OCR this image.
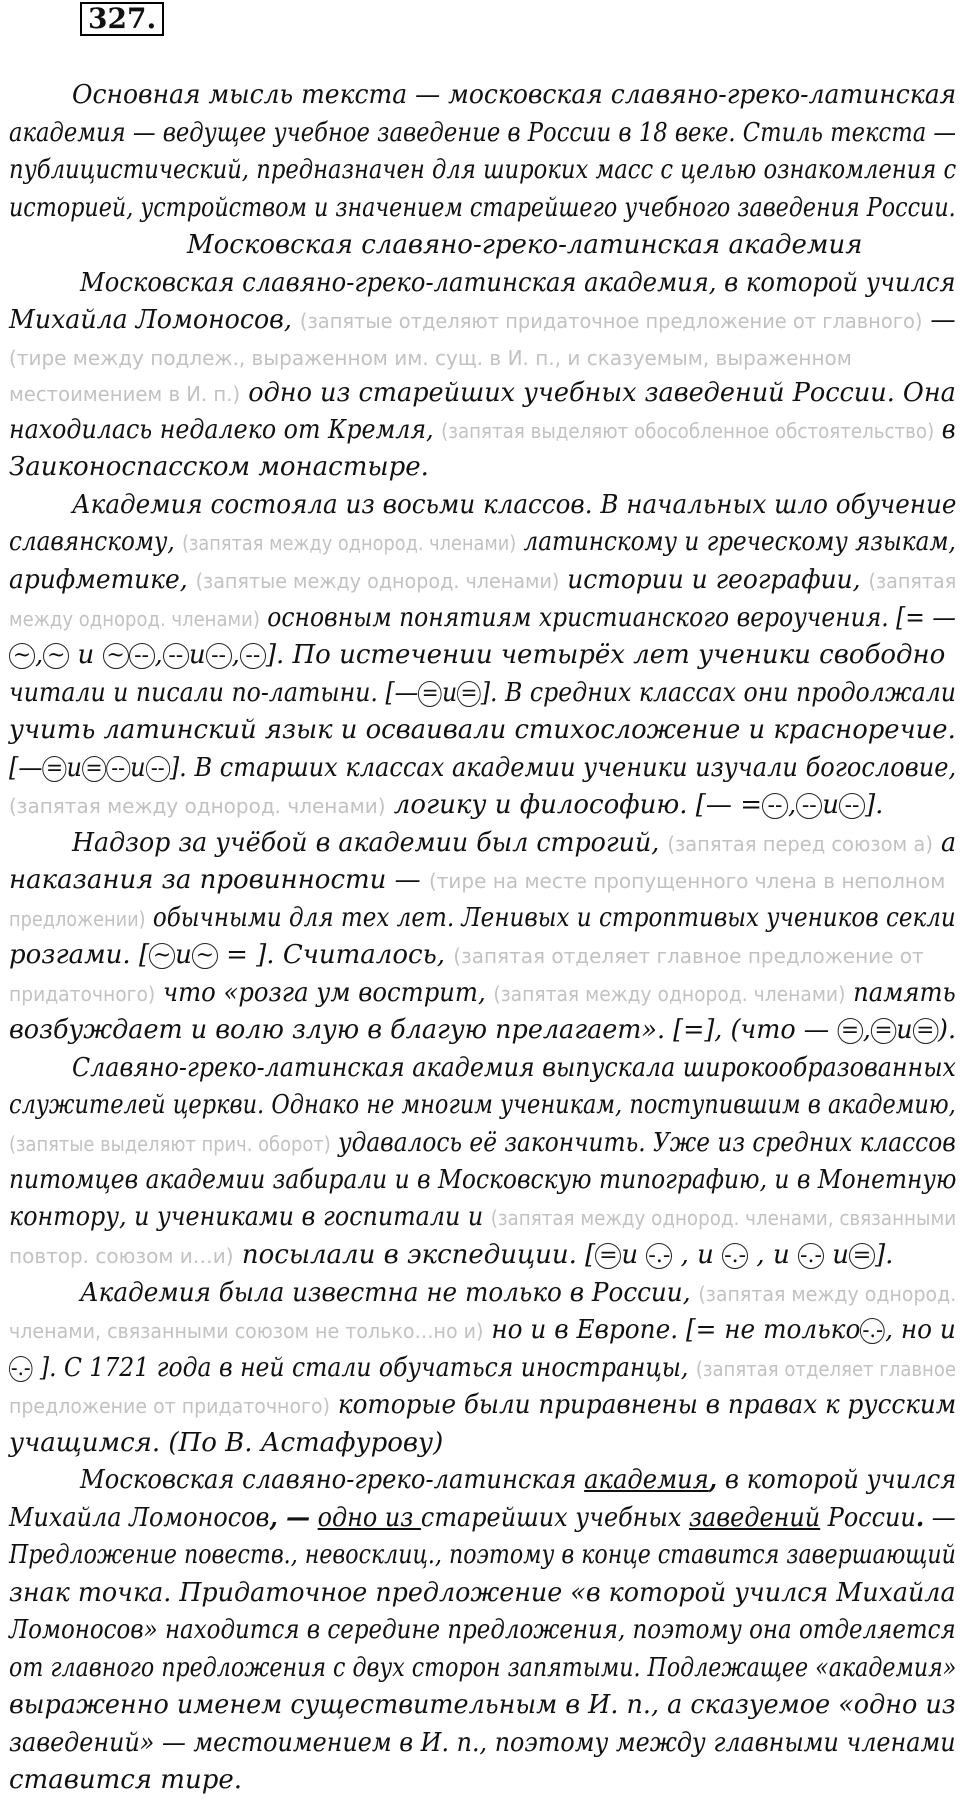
327.
Основная мысль текста — московская славяно-греко-латинская
академия — ведущее учебное заведение в России в 18 веке. Стиль текста —
публицистический, предназначен для широких масс с целью ознакомления с
историей, устройством и значением старейшего учебного заведения России.
Московская славяно-греко-латинская академия
Московская славяно-греко-латинская академия, в которой учился
Михайла Ломоносов, (запятые отделяют придаточное предложение от главного) —
(тире между подлеж., выраженном им. сущ. в И. п., и сказуемым, выраженном
местоимением в И. п.) одно из старейших учебных заведений России. Она
находилась недалеко от Кремля, (запятая выделяют обособленное обстоятельство) в
Заиконоспасском монастыре.
Академия состояла из восьми классов. В начальных шло обучение
славянскому, (запятая между однород. членами) латинскому и греческому языкам,
арифметике, (запятые между однород. членами) истории и географии, (запятая
между однород. членами) основным понятиям христианского вероучения. [= —
~ , ~ и ~ -- , -- и -- , -- ]. По истечении четырёх лет ученики свободно
читали и писали по-латыни. [— = и = ]. В средних классах они продолжали
учить латинский язык и осваивали стихосложение и красноречие.
[— = и = -- и -- ]. В старших классах академии ученики изучали богословие,
(запятая между однород. членами) логику и философию. [— = -- , -- и -- ].
Надзор за учёбой в академии был строгий, (запятая перед союзом а) а
наказания за провинности — (тире на месте пропущенного члена в неполном
предложении) обычными для тех лет. Ленивых и строптивых учеников секли
розгами. [ ~ и ~ = ]. Считалось, (запятая отделяет главное предложение от
придаточного) что «розга ум вострит, (запятая между однород. членами) память
возбуждает и волю злую в благую прелагает». [=], (что — = , = и = ).
Славяно-греко-латинская академия выпускала широкообразованных
служителей церкви. Однако не многим ученикам, поступившим в академию,
(запятые выделяют прич. оборот) удавалось её закончить. Уже из средних классов
питомцев академии забирали и в Московскую типографию, и в Монетную
контору, и учениками в госпитали и (запятая между однород. членами, связанными
повтор. союзом и…и) посылали в экспедиции. [ = и -.- , и -.- , и -.- и = ].
Академия была известна не только в России, (запятая между однород.
членами, связанными союзом не только…но и) но и в Европе. [= не только-.-, но и
-.- ]. С 1721 года в ней стали обучаться иностранцы, (запятая отделяет главное
предложение от придаточного) которые были приравнены в правах к русским
учащимся. (По В. Астафурову)
Московская славяно-греко-латинская академия, в которой учился
Михайла Ломоносов, — одно из старейших учебных заведений России. —
Предложение повеств., невосклиц., поэтому в конце ставится завершающий
знак точка. Придаточное предложение «в которой учился Михайла
Ломоносов» находится в середине предложения, поэтому она отделяется
от главного предложения с двух сторон запятыми. Подлежащее «академия»
выраженно именем существительным в И. п., а сказуемое «одно из
заведений» — местоимением в И. п., поэтому между главными членами
ставится тире.
